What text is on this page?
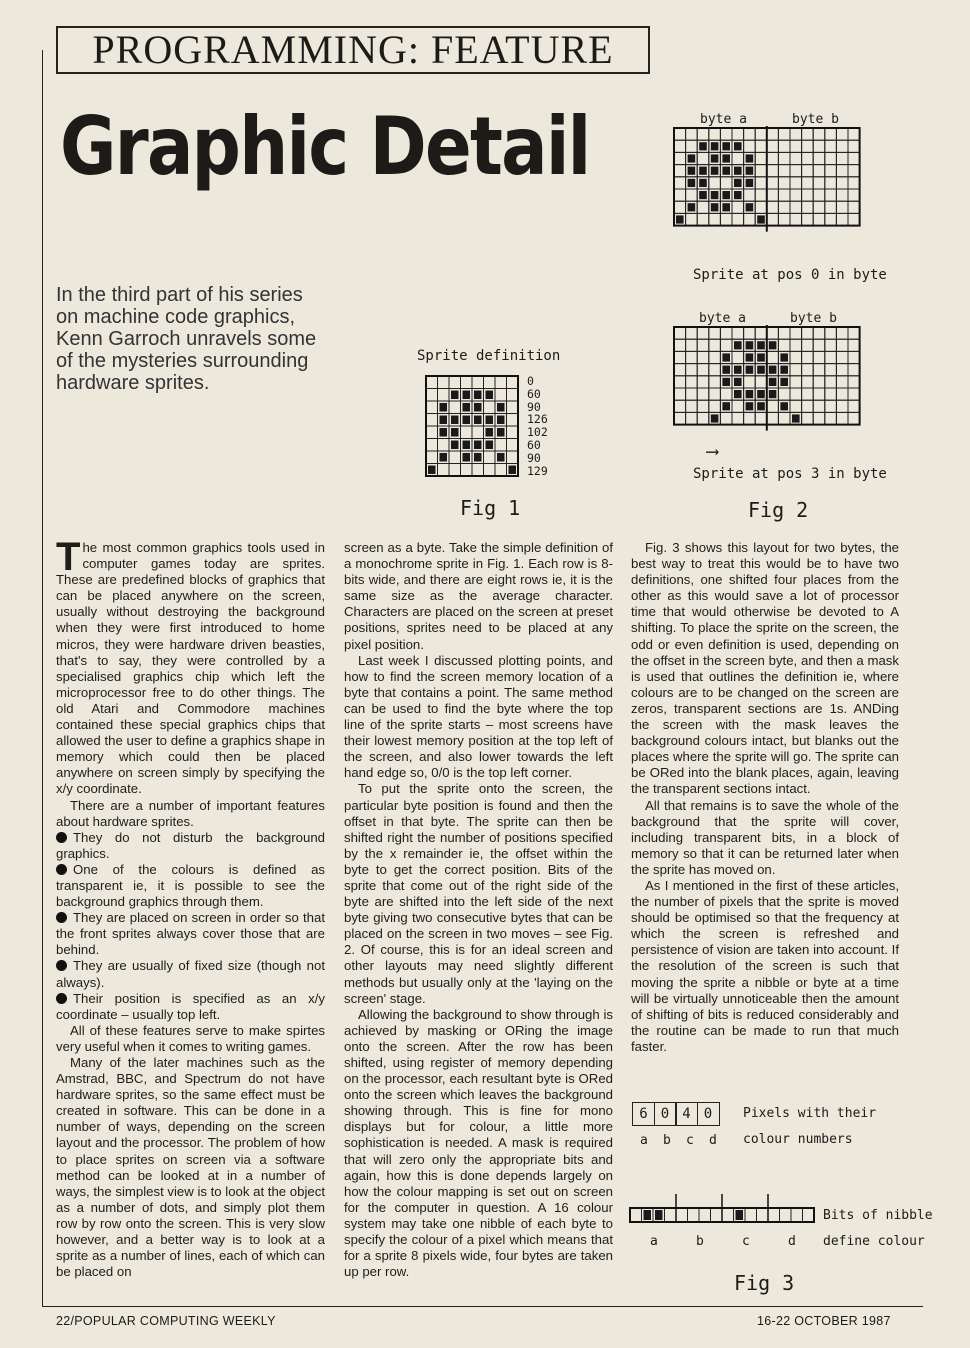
PROGRAMMING: FEATURE
Graphic Detail
In the third part of his series on machine code graphics, Kenn Garroch unravels some of the mysteries surrounding hardware sprites.
Sprite definition
0
60
90
126
102
60
90
129
Fig 1
byte a	byte b
Sprite at pos 0 in byte
byte a	byte b
⟶
Sprite at pos 3 in byte
Fig 2

The most common graphics tools used in computer games today are sprites. These are predefined blocks of graphics that can be placed anywhere on the screen, usually without destroying the background when they were first introduced to home micros, they were hardware driven beasties, that's to say, they were controlled by a specialised graphics chip which left the microprocessor free to do other things. The old Atari and Commodore machines contained these special graphics chips that allowed the user to define a graphics shape in memory which could then be placed anywhere on screen simply by specifying the x/y coordinate.

There are a number of important features about hardware sprites.

They do not disturb the background graphics.

One of the colours is defined as transparent ie, it is possible to see the background graphics through them.

They are placed on screen in order so that the front sprites always cover those that are behind.

They are usually of fixed size (though not always).

Their position is specified as an x/y coordinate – usually top left.

All of these features serve to make spirtes very useful when it comes to writing games.

Many of the later machines such as the Amstrad, BBC, and Spectrum do not have hardware sprites, so the same effect must be created in software. This can be done in a number of ways, depending on the screen layout and the processor. The problem of how to place sprites on screen via a software method can be looked at in a number of ways, the simplest view is to look at the object as a number of dots, and simply plot them row by row onto the screen. This is very slow however, and a better way is to look at a sprite as a number of lines, each of which can be placed on

screen as a byte. Take the simple definition of a monochrome sprite in Fig. 1. Each row is 8-bits wide, and there are eight rows ie, it is the same size as the average character. Characters are placed on the screen at preset positions, sprites need to be placed at any pixel position.

Last week I discussed plotting points, and how to find the screen memory location of a byte that contains a point. The same method can be used to find the byte where the top line of the sprite starts – most screens have their lowest memory position at the top left of the screen, and also lower towards the left hand edge so, 0/0 is the top left corner.

To put the sprite onto the screen, the particular byte position is found and then the offset in that byte. The sprite can then be shifted right the number of positions specified by the x remainder ie, the offset within the byte to get the correct position. Bits of the sprite that come out of the right side of the byte are shifted into the left side of the next byte giving two consecutive bytes that can be placed on the screen in two moves – see Fig. 2. Of course, this is for an ideal screen and other layouts may need slightly different methods but usually only at the 'laying on the screen' stage.

Allowing the background to show through is achieved by masking or ORing the image onto the screen. After the row has been shifted, using register of memory depending on the processor, each resultant byte is ORed onto the screen which leaves the background showing through. This is fine for mono displays but for colour, a little more sophistication is needed. A mask is required that will zero only the appropriate bits and again, how this is done depends largely on how the colour mapping is set out on screen for the computer in question. A 16 colour system may take one nibble of each byte to specify the colour of a pixel which means that for a sprite 8 pixels wide, four bytes are taken up per row.

Fig. 3 shows this layout for two bytes, the best way to treat this would be to have two definitions, one shifted four places from the other as this would save a lot of processor time that would otherwise be devoted to A shifting. To place the sprite on the screen, the odd or even definition is used, depending on the offset in the screen byte, and then a mask is used that outlines the definition ie, where colours are to be changed on the screen are zeros, transparent sections are 1s. ANDing the screen with the mask leaves the background colours intact, but blanks out the places where the sprite will go. The sprite can be ORed into the blank places, again, leaving the transparent sections intact.

All that remains is to save the whole of the background that the sprite will cover, including transparent bits, in a block of memory so that it can be returned later when the sprite has moved on.

As I mentioned in the first of these articles, the number of pixels that the sprite is moved should be optimised so that the frequency at which the screen is refreshed and persistence of vision are taken into account. If the resolution of the screen is such that moving the sprite a nibble or byte at a time will be virtually unnoticeable then the amount of shifting of bits is reduced considerably and the routine can be made to run that much faster.

6 0 4 0
a b c d
Pixels with their
colour numbers
a	b	c	d
Bits of nibble
define colour
Fig 3
22/POPULAR COMPUTING WEEKLY	16-22 OCTOBER 1987
